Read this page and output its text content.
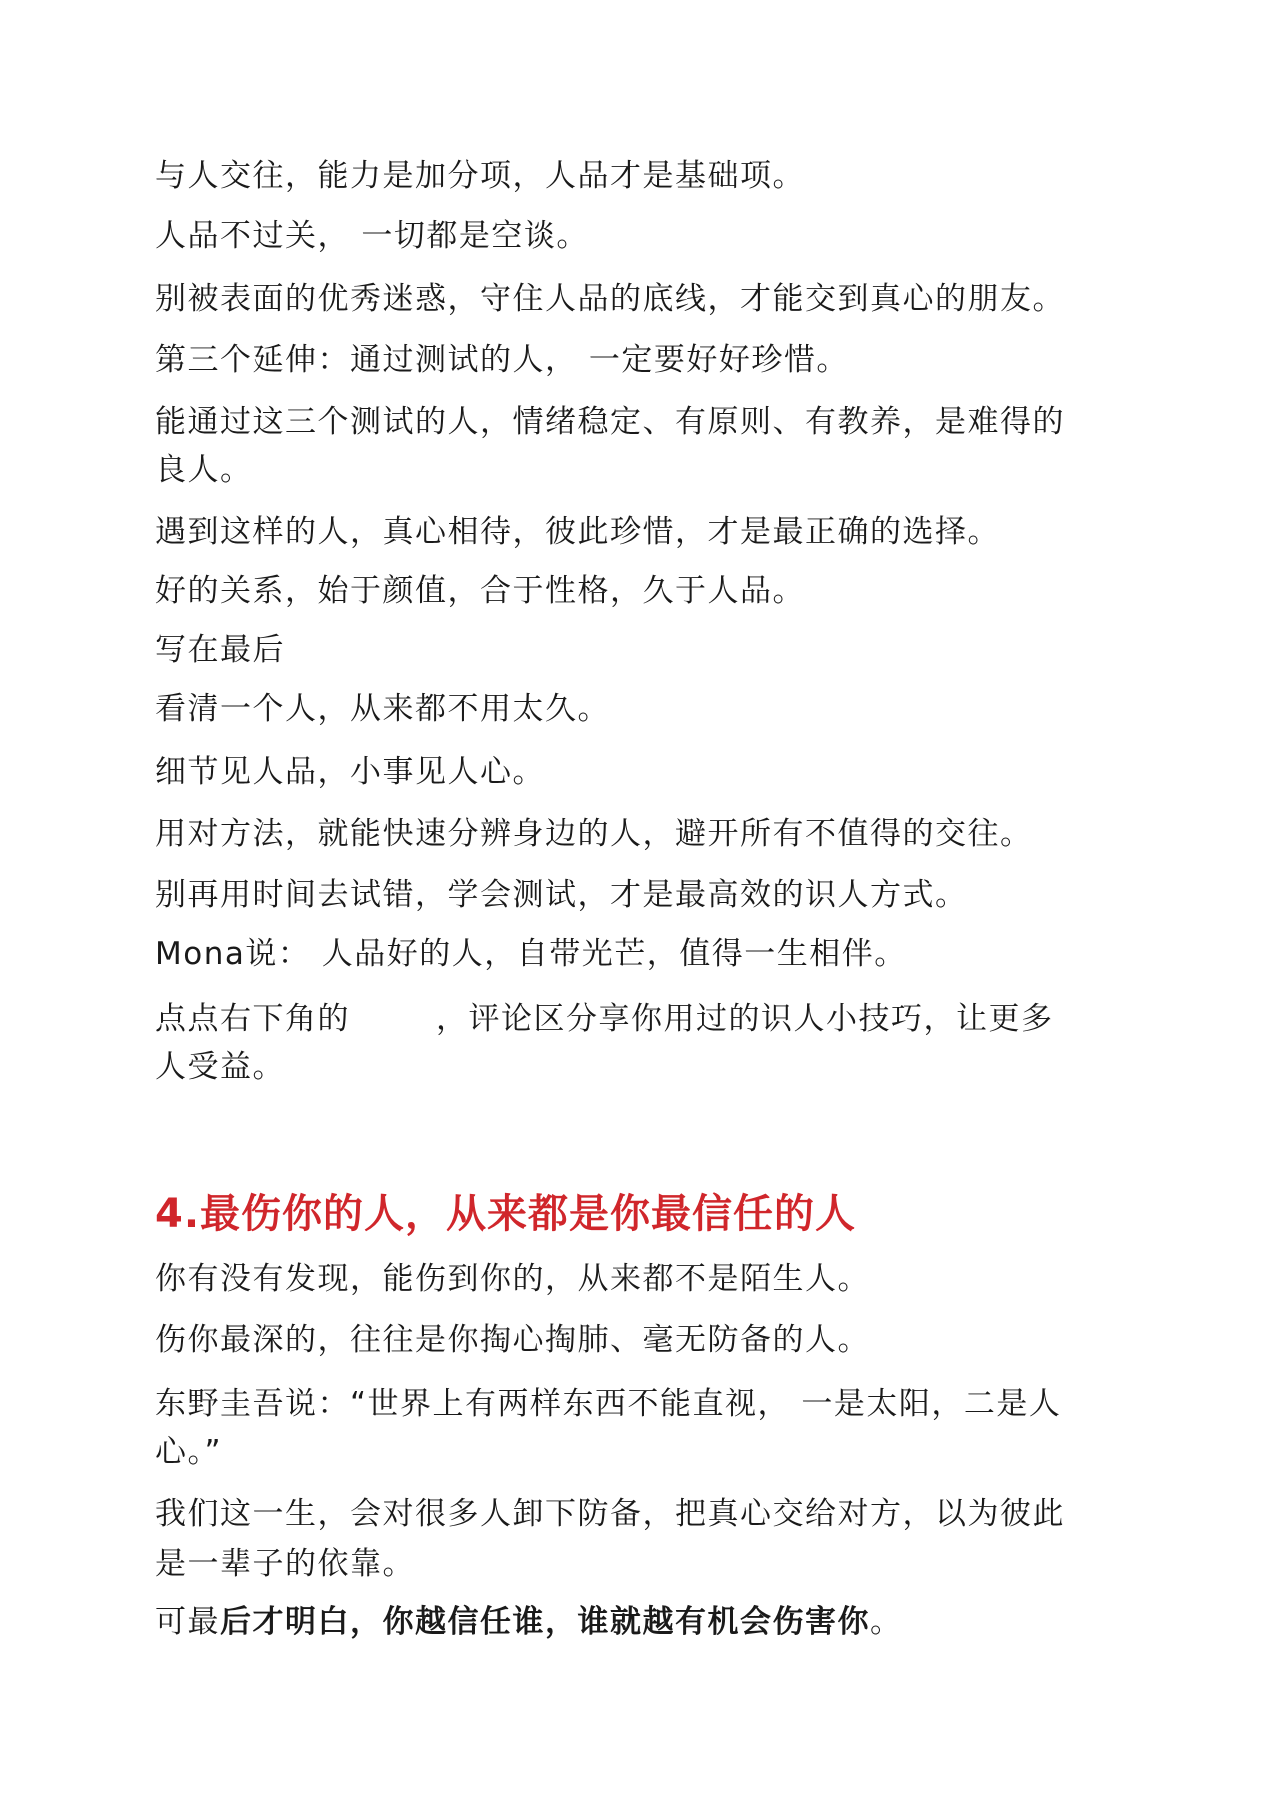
与人交往，能力是加分项，人品才是基础项。

人品不过关， 一切都是空谈。

别被表面的优秀迷惑，守住人品的底线，才能交到真心的朋友。

第三个延伸：通过测试的人， 一定要好好珍惜。

能通过这三个测试的人，情绪稳定、有原则、有教养，是难得的

良人。

遇到这样的人，真心相待，彼此珍惜，才是最正确的选择。

好的关系，始于颜值，合于性格，久于人品。

写在最后

看清一个人，从来都不用太久。

细节见人品，小事见人心。

用对方法，就能快速分辨身边的人，避开所有不值得的交往。

别再用时间去试错，学会测试，才是最高效的识人方式。

Mona说： 人品好的人，自带光芒，值得一生相伴。

点点右下角的	，评论区分享你用过的识人小技巧，让更多

人受益。

4.最伤你的人，从来都是你最信任的人

你有没有发现，能伤到你的，从来都不是陌生人。

伤你最深的，往往是你掏心掏肺、毫无防备的人。

东野圭吾说：“世界上有两样东西不能直视， 一是太阳，二是人

心。”

我们这一生，会对很多人卸下防备，把真心交给对方，以为彼此

是一辈子的依靠。

可最后才明白，你越信任谁，谁就越有机会伤害你。
